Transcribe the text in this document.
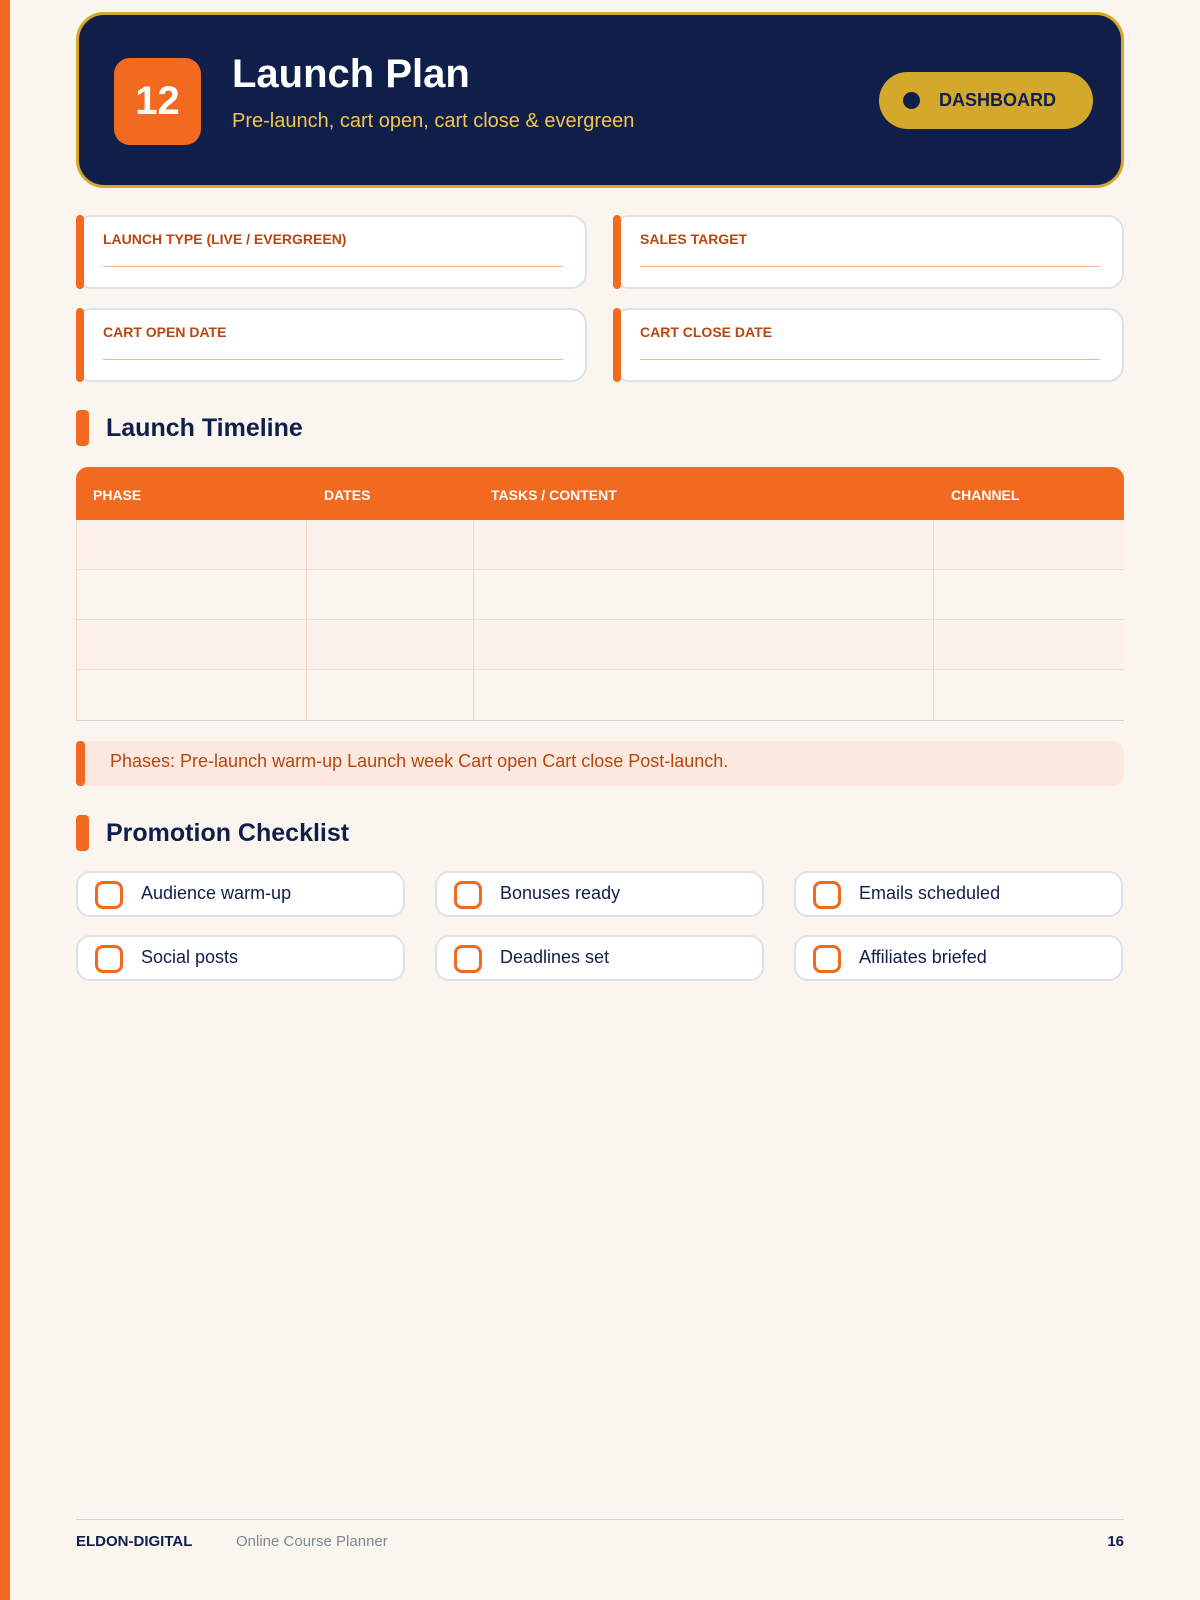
12
Launch Plan
Pre-launch, cart open, cart close & evergreen
DASHBOARD
LAUNCH TYPE (LIVE / EVERGREEN)	SALES TARGET
CART OPEN DATE	CART CLOSE DATE
Launch Timeline
PHASE	DATES	TASKS / CONTENT	CHANNEL
Phases: Pre-launch warm-up Launch week Cart open Cart close Post-launch.
Promotion Checklist
Audience warm-up	Bonuses ready	Emails scheduled
Social posts	Deadlines set	Affiliates briefed
ELDON-DIGITAL	Online Course Planner	16
